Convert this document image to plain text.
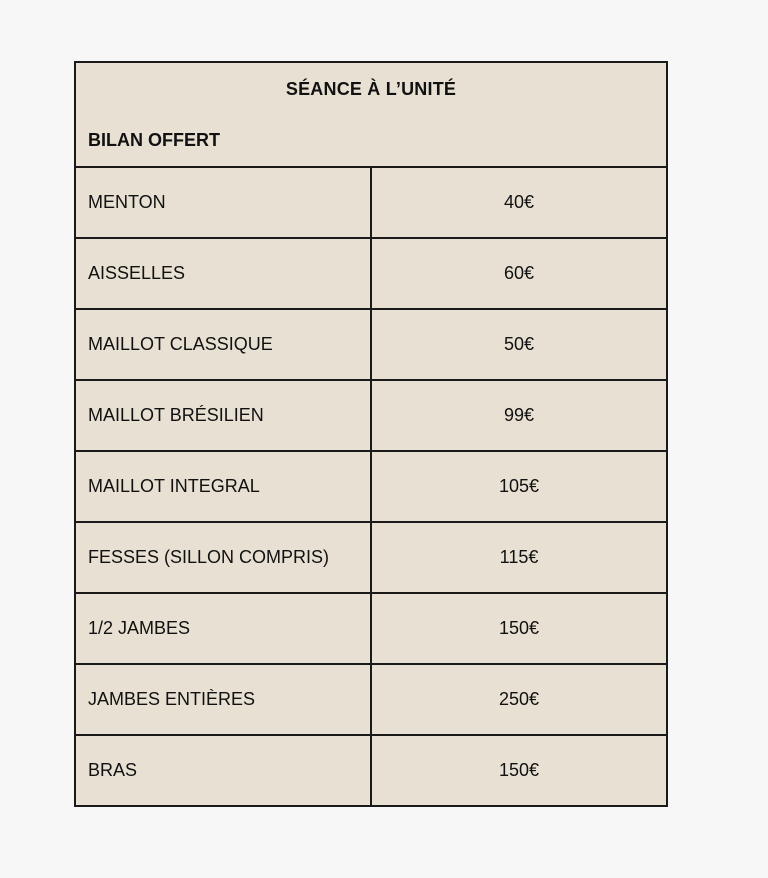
SÉANCE À L’UNITÉ
BILAN OFFERT	

MENTON	40€
AISSELLES	60€
MAILLOT CLASSIQUE	50€
MAILLOT BRÉSILIEN	99€
MAILLOT INTEGRAL	105€
FESSES (SILLON COMPRIS)	115€
1/2 JAMBES	150€
JAMBES ENTIÈRES	250€
BRAS	150€
